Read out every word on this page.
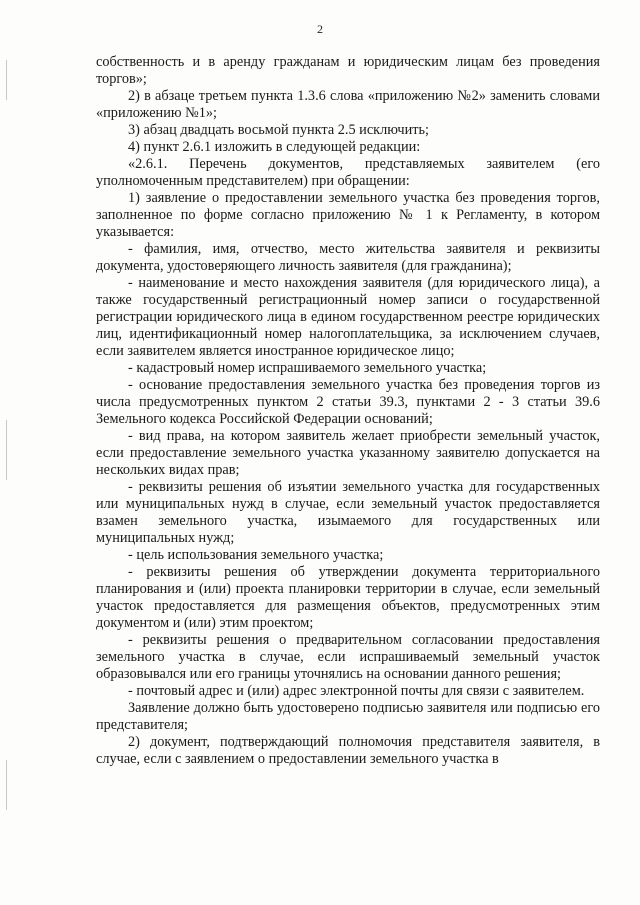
2

собственность и в аренду гражданам и юридическим лицам без проведения торгов»;

2) в абзаце третьем пункта 1.3.6 слова «приложению №2» заменить словами «приложению №1»;

3) абзац двадцать восьмой пункта 2.5 исключить;

4) пункт 2.6.1 изложить в следующей редакции:

«2.6.1. Перечень документов, представляемых заявителем (его уполномоченным представителем) при обращении:

1) заявление о предоставлении земельного участка без проведения торгов, заполненное по форме согласно приложению № 1 к Регламенту, в котором указывается:

- фамилия, имя, отчество, место жительства заявителя и реквизиты документа, удостоверяющего личность заявителя (для гражданина);

- наименование и место нахождения заявителя (для юридического лица), а также государственный регистрационный номер записи о государственной регистрации юридического лица в едином государственном реестре юридических лиц, идентификационный номер налогоплательщика, за исключением случаев, если заявителем является иностранное юридическое лицо;

- кадастровый номер испрашиваемого земельного участка;

- основание предоставления земельного участка без проведения торгов из числа предусмотренных пунктом 2 статьи 39.3, пунктами 2 - 3 статьи 39.6 Земельного кодекса Российской Федерации оснований;

- вид права, на котором заявитель желает приобрести земельный участок, если предоставление земельного участка указанному заявителю допускается на нескольких видах прав;

- реквизиты решения об изъятии земельного участка для государственных или муниципальных нужд в случае, если земельный участок предоставляется взамен земельного участка, изымаемого для государственных или муниципальных нужд;

- цель использования земельного участка;

- реквизиты решения об утверждении документа территориального планирования и (или) проекта планировки территории в случае, если земельный участок предоставляется для размещения объектов, предусмотренных этим документом и (или) этим проектом;

- реквизиты решения о предварительном согласовании предоставления земельного участка в случае, если испрашиваемый земельный участок образовывался или его границы уточнялись на основании данного решения;

- почтовый адрес и (или) адрес электронной почты для связи с заявителем.

Заявление должно быть удостоверено подписью заявителя или подписью его представителя;

2) документ, подтверждающий полномочия представителя заявителя, в случае, если с заявлением о предоставлении земельного участка в
